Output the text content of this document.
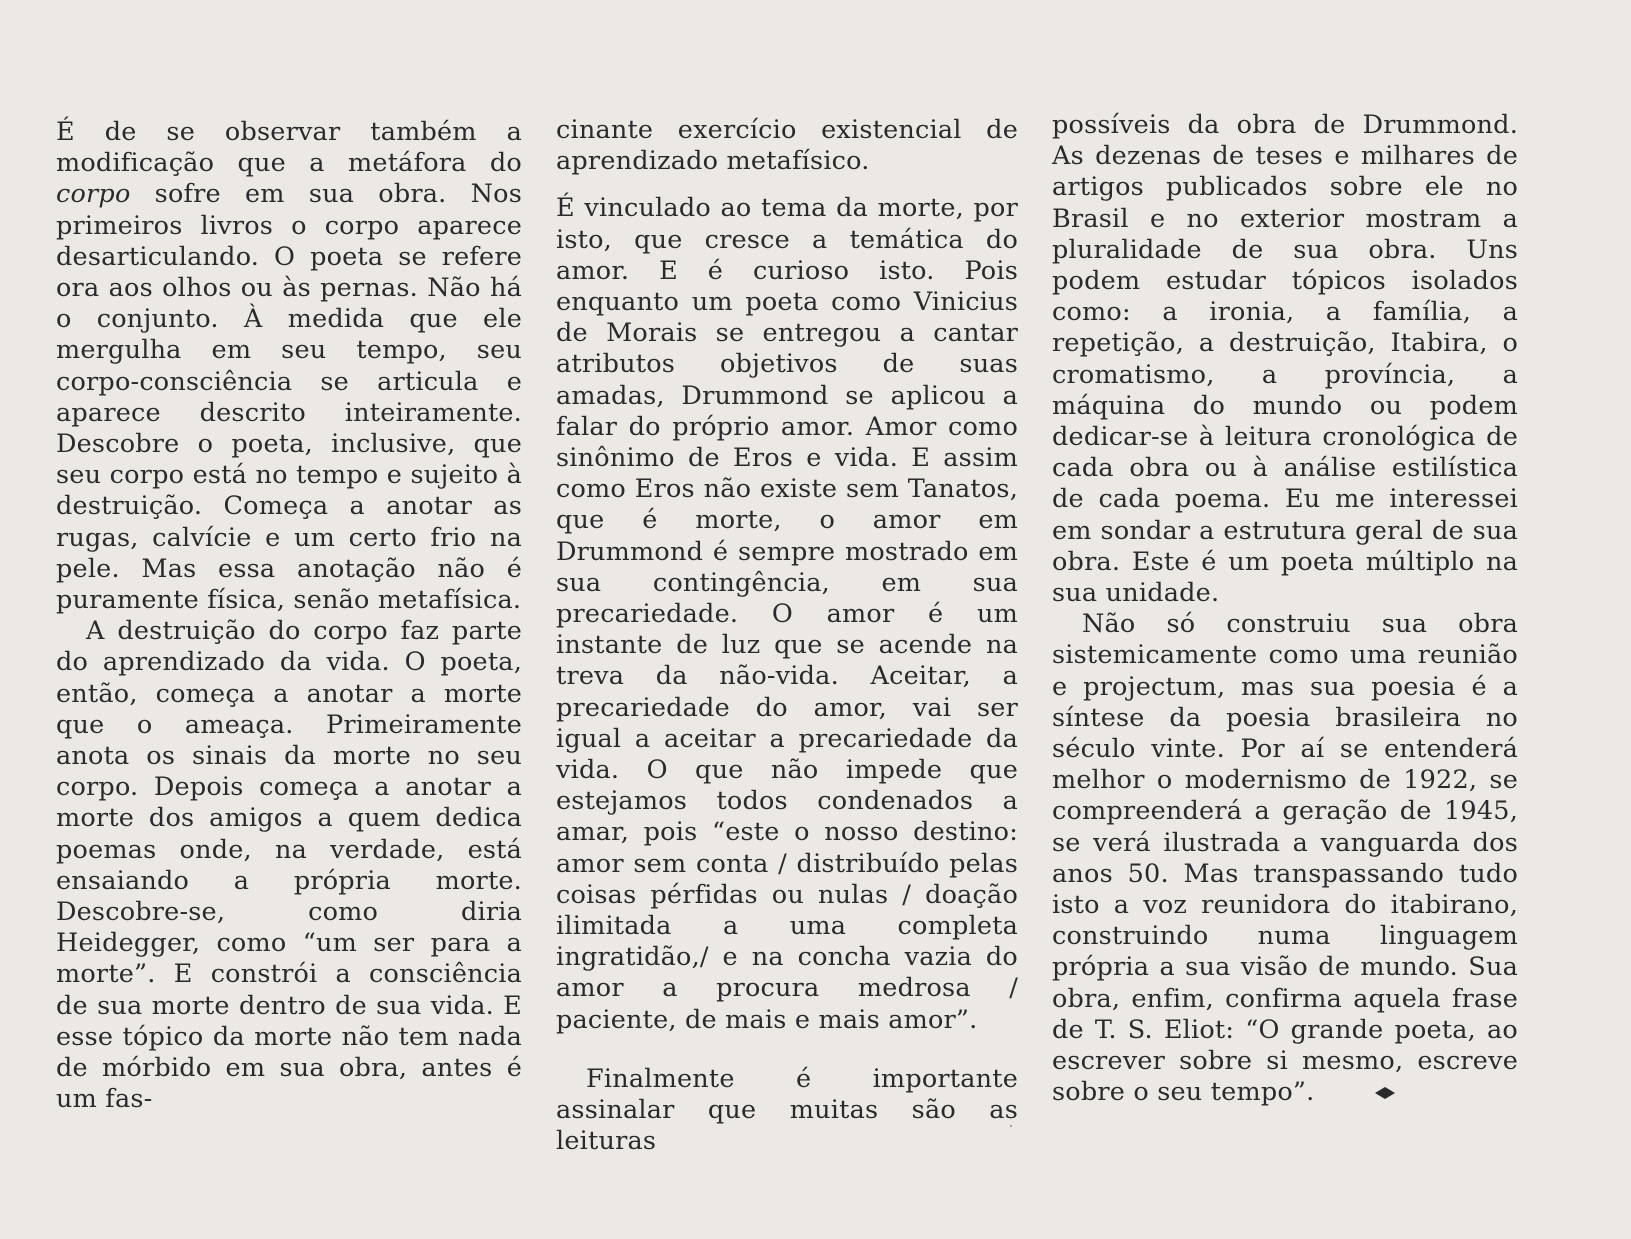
É de se observar também a modificação que a metáfora do corpo sofre em sua obra. Nos primeiros livros o corpo aparece desarticulando. O poeta se refere ora aos olhos ou às pernas. Não há o conjunto. À medida que ele mergulha em seu tempo, seu corpo-consciência se articula e aparece descrito inteiramente. Descobre o poeta, inclusive, que seu corpo está no tempo e sujeito à destruição. Começa a anotar as rugas, calvície e um certo frio na pele. Mas essa anotação não é puramente física, senão metafísica.

A destruição do corpo faz parte do aprendizado da vida. O poeta, então, começa a anotar a morte que o ameaça. Primeiramente anota os sinais da morte no seu corpo. Depois começa a anotar a morte dos amigos a quem dedica poemas onde, na verdade, está ensaiando a própria morte. Descobre-se, como diria Heidegger, como “um ser para a morte”. E constrói a consciência de sua morte dentro de sua vida. E esse tópico da morte não tem nada de mórbido em sua obra, antes é um fas-

cinante exercício existencial de aprendizado metafísico.

É vinculado ao tema da morte, por isto, que cresce a temática do amor. E é curioso isto. Pois enquanto um poeta como Vinicius de Morais se entregou a cantar atributos objetivos de suas amadas, Drummond se aplicou a falar do próprio amor. Amor como sinônimo de Eros e vida. E assim como Eros não existe sem Tanatos, que é morte, o amor em Drummond é sempre mostrado em sua contingência, em sua precariedade. O amor é um instante de luz que se acende na treva da não-vida. Aceitar, a precariedade do amor, vai ser igual a aceitar a precariedade da vida. O que não impede que estejamos todos condenados a amar, pois “este o nosso destino: amor sem conta / distribuído pelas coisas pérfidas ou nulas / doação ilimitada a uma completa ingratidão,/ e na concha vazia do amor a procura medrosa / paciente, de mais e mais amor”.

Finalmente é importante assinalar que muitas são as leituras

possíveis da obra de Drummond. As dezenas de teses e milhares de artigos publicados sobre ele no Brasil e no exterior mostram a pluralidade de sua obra. Uns podem estudar tópicos isolados como: a ironia, a família, a repetição, a destruição, Itabira, o cromatismo, a província, a máquina do mundo ou podem dedicar-se à leitura cronológica de cada obra ou à análise estilística de cada poema. Eu me interessei em sondar a estrutura geral de sua obra. Este é um poeta múltiplo na sua unidade.

Não só construiu sua obra sistemicamente como uma reunião e projectum, mas sua poesia é a síntese da poesia brasileira no século vinte. Por aí se entenderá melhor o modernismo de 1922, se compreenderá a geração de 1945, se verá ilustrada a vanguarda dos anos 50. Mas transpassando tudo isto a voz reunidora do itabirano, construindo numa linguagem própria a sua visão de mundo. Sua obra, enfim, confirma aquela frase de T. S. Eliot: “O grande poeta, ao escrever sobre si mesmo, escreve sobre o seu tempo”.
